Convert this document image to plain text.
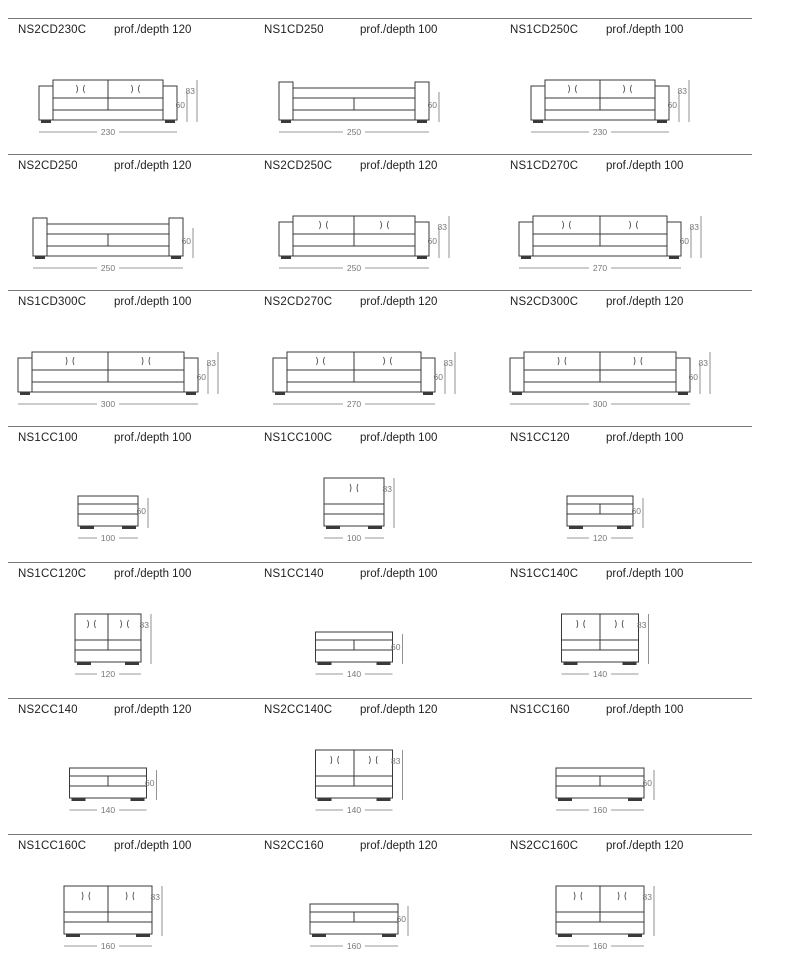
NS2CD230C prof./depth 120
230
60
83
NS1CD250	prof./depth 100
250
60
NS1CD250C prof./depth 100
230
60
83
NS2CD250	prof./depth 120
250
60
NS2CD250C prof./depth 120
250
60
83
NS1CD270C prof./depth 100
270
60
83
NS1CD300C prof./depth 100
300
60
83
NS2CD270C prof./depth 120
270
60
83
NS2CD300C prof./depth 120
300
60
83
NS1CC100	prof./depth 100
100
60
NS1CC100C prof./depth 100
100
83
NS1CC120	prof./depth 100
120
60
NS1CC120C prof./depth 100
120
83
NS1CC140	prof./depth 100
140
60
NS1CC140C prof./depth 100
140
83
NS2CC140	prof./depth 120
140
60
NS2CC140C prof./depth 120
140
83
NS1CC160	prof./depth 100
160
60
NS1CC160C prof./depth 100
160
83
NS2CC160	prof./depth 120
160
60
NS2CC160C prof./depth 120
160
83
